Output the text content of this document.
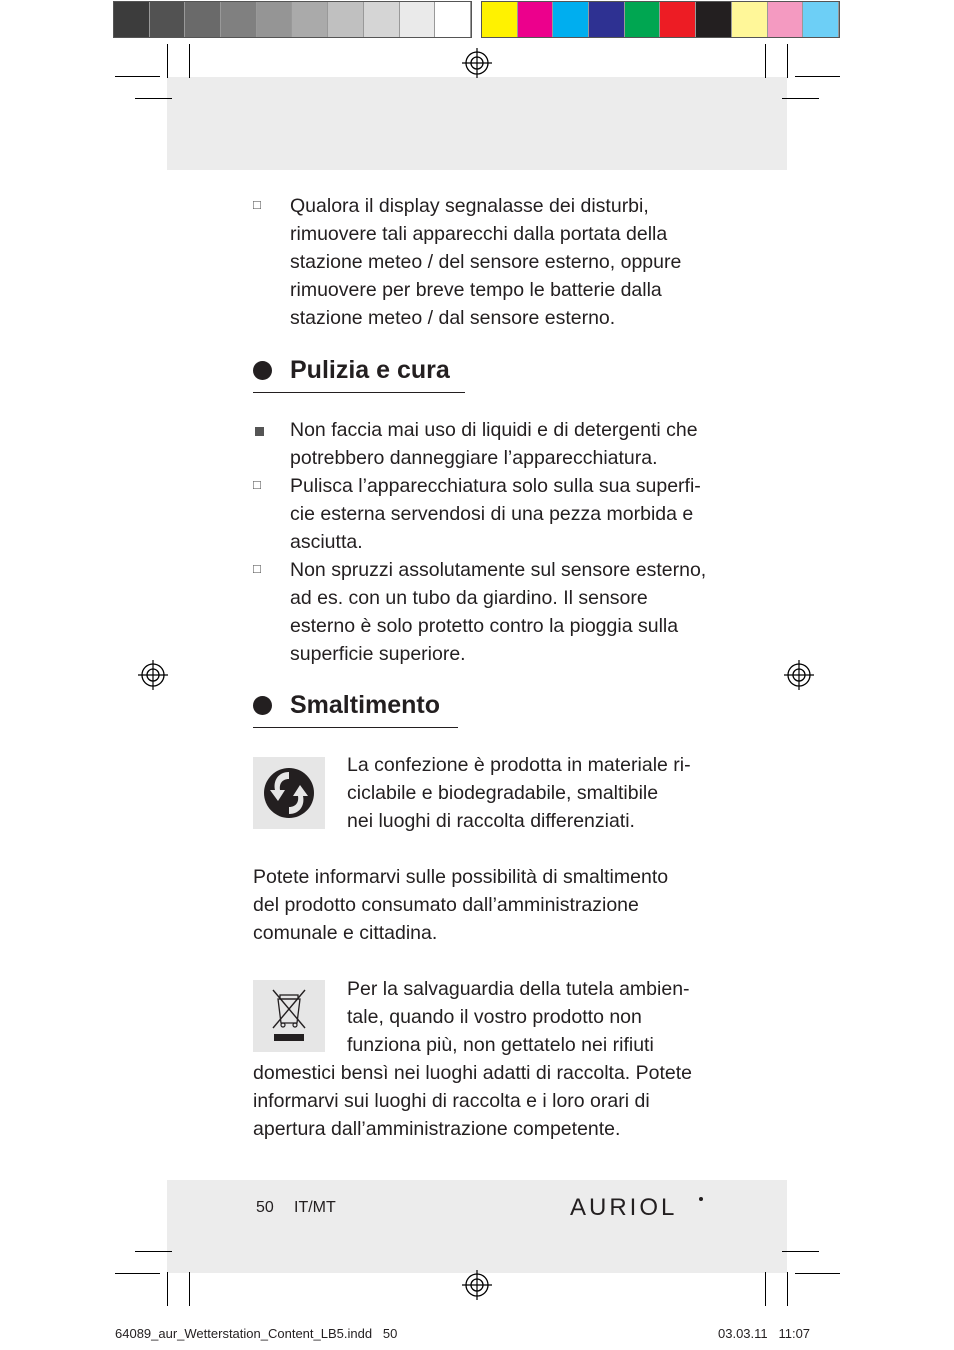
□ Qualora il display segnalasse dei disturbi,
rimuovere tali apparecchi dalla portata della
stazione meteo / del sensore esterno, oppure
rimuovere per breve tempo le batterie dalla
stazione meteo / dal sensore esterno.
Pulizia e cura
Non faccia mai uso di liquidi e di detergenti che
potrebbero danneggiare l’apparecchiatura.
□ Pulisca l’apparecchiatura solo sulla sua superfi-
cie esterna servendosi di una pezza morbida e
asciutta.
□ Non spruzzi assolutamente sul sensore esterno,
ad es. con un tubo da giardino. Il sensore
esterno è solo protetto contro la pioggia sulla
superficie superiore.
Smaltimento
La confezione è prodotta in materiale ri-
ciclabile e biodegradabile, smaltibile
nei luoghi di raccolta differenziati.
Potete informarvi sulle possibilità di smaltimento
del prodotto consumato dall’amministrazione
comunale e cittadina.
Per la salvaguardia della tutela ambien-
tale, quando il vostro prodotto non
funziona più, non gettatelo nei rifiuti
domestici bensì nei luoghi adatti di raccolta. Potete
informarvi sui luoghi di raccolta e i loro orari di
apertura dall’amministrazione competente.
50 IT/MT	AURIOL
64089_aur_Wetterstation_Content_LB5.indd   50	03.03.11   11:07
